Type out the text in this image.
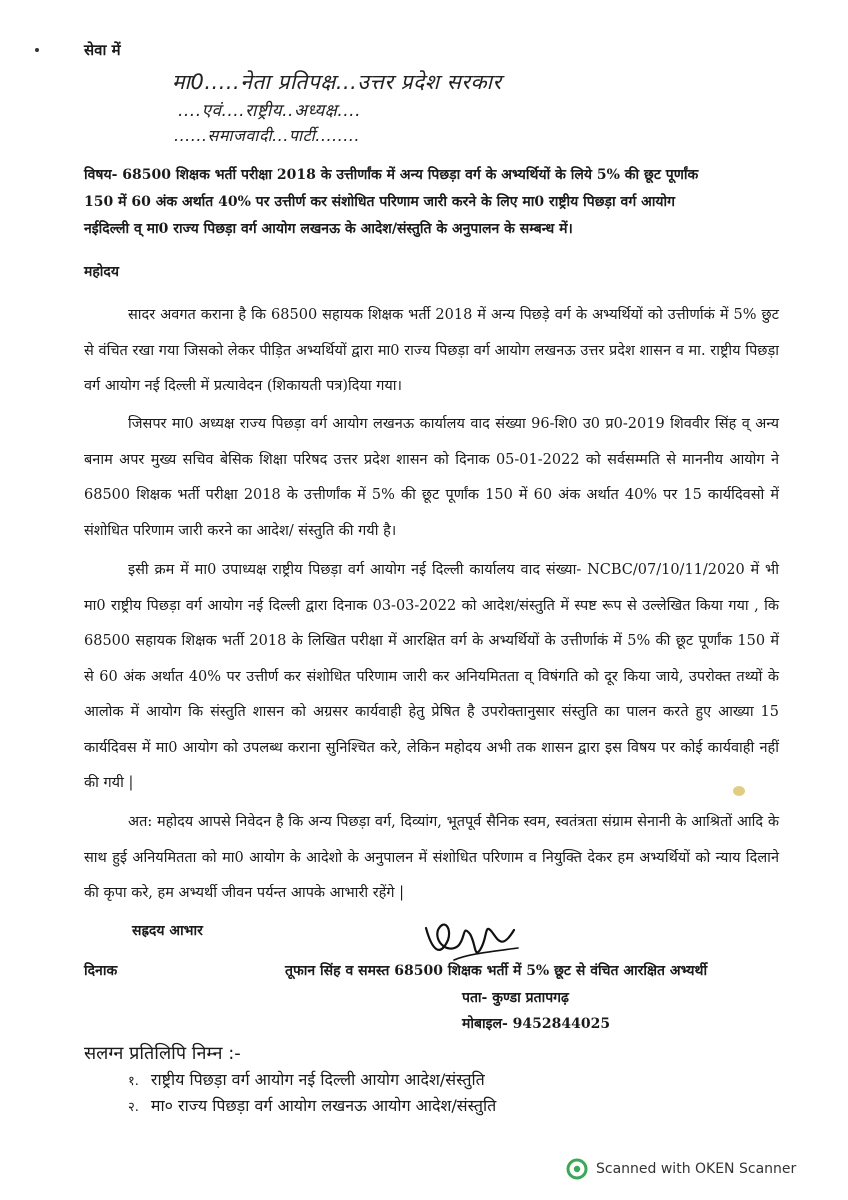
सेवा में
मा0.....नेता प्रतिपक्ष...उत्तर प्रदेश सरकार
....एवं....राष्ट्रीय..अध्यक्ष....
......समाजवादी...पार्टी........
विषय- 68500 शिक्षक भर्ती परीक्षा 2018 के उत्तीर्णांक में अन्य पिछड़ा वर्ग के अभ्यर्थियों के लिये 5% की छूट पूर्णांक
150 में 60 अंक अर्थात 40% पर उत्तीर्ण कर संशोधित परिणाम जारी करने के लिए मा0 राष्ट्रीय पिछड़ा वर्ग आयोग
नईदिल्ली व् मा0 राज्य पिछड़ा वर्ग आयोग लखनऊ के आदेश/संस्तुति के अनुपालन के सम्बन्ध में।
महोदय

सादर अवगत कराना है कि 68500 सहायक शिक्षक भर्ती 2018 में अन्य पिछड़े वर्ग के अभ्यर्थियों को उत्तीर्णाकं में 5% छुट से वंचित रखा गया जिसको लेकर पीड़ित अभ्यर्थियों द्वारा मा0 राज्य पिछड़ा वर्ग आयोग लखनऊ उत्तर प्रदेश शासन व मा. राष्ट्रीय पिछड़ा वर्ग आयोग नई दिल्ली में प्रत्यावेदन (शिकायती पत्र)दिया गया।

जिसपर मा0 अध्यक्ष राज्य पिछड़ा वर्ग आयोग लखनऊ कार्यालय वाद संख्या 96-शि0 उ0 प्र0-2019 शिववीर सिंह व् अन्य बनाम अपर मुख्य सचिव बेसिक शिक्षा परिषद उत्तर प्रदेश शासन को दिनाक 05-01-2022 को सर्वसम्मति से माननीय आयोग ने 68500 शिक्षक भर्ती परीक्षा 2018 के उत्तीर्णांक में 5% की छूट पूर्णांक 150 में 60 अंक अर्थात 40% पर 15 कार्यदिवसो में संशोधित परिणाम जारी करने का आदेश/ संस्तुति की गयी है।

इसी क्रम में मा0 उपाध्यक्ष राष्ट्रीय पिछड़ा वर्ग आयोग नई दिल्ली कार्यालय वाद संख्या- NCBC/07/10/11/2020 में भी मा0 राष्ट्रीय पिछड़ा वर्ग आयोग नई दिल्ली द्वारा दिनाक 03-03-2022 को आदेश/संस्तुति में स्पष्ट रूप से उल्लेखित किया गया , कि 68500 सहायक शिक्षक भर्ती 2018 के लिखित परीक्षा में आरक्षित वर्ग के अभ्यर्थियों के उत्तीर्णाकं में 5% की छूट पूर्णांक 150 में से 60 अंक अर्थात 40% पर उत्तीर्ण कर संशोधित परिणाम जारी कर अनियमितता व् विषंगति को दूर किया जाये, उपरोक्त तथ्यों के आलोक में आयोग कि संस्तुति शासन को अग्रसर कार्यवाही हेतु प्रेषित है उपरोक्तानुसार संस्तुति का पालन करते हुए आख्या 15 कार्यदिवस में मा0 आयोग को उपलब्ध कराना सुनिश्चित करे, लेकिन महोदय अभी तक शासन द्वारा इस विषय पर कोई कार्यवाही नहीं की गयी |

अत: महोदय आपसे निवेदन है कि अन्य पिछड़ा वर्ग, दिव्यांग, भूतपूर्व सैनिक स्वम, स्वतंत्रता संग्राम सेनानी के आश्रितों आदि के साथ हुई अनियमितता को मा0 आयोग के आदेशो के अनुपालन में संशोधित परिणाम व नियुक्ति देकर हम अभ्यर्थियों को न्याय दिलाने की कृपा करे, हम अभ्यर्थी जीवन पर्यन्त आपके आभारी रहेंगे |

सह्रदय आभार
दिनाक	तूफान सिंह व समस्त 68500 शिक्षक भर्ती में 5% छूट से वंचित आरक्षित अभ्यर्थी
पता- कुण्डा प्रतापगढ़
मोबाइल- 9452844025
सलग्न प्रतिलिपि निम्न :-
१. राष्ट्रीय पिछड़ा वर्ग आयोग नई दिल्ली आयोग आदेश/संस्तुति
२. मा० राज्य पिछड़ा वर्ग आयोग लखनऊ आयोग आदेश/संस्तुति
Scanned with OKEN Scanner
